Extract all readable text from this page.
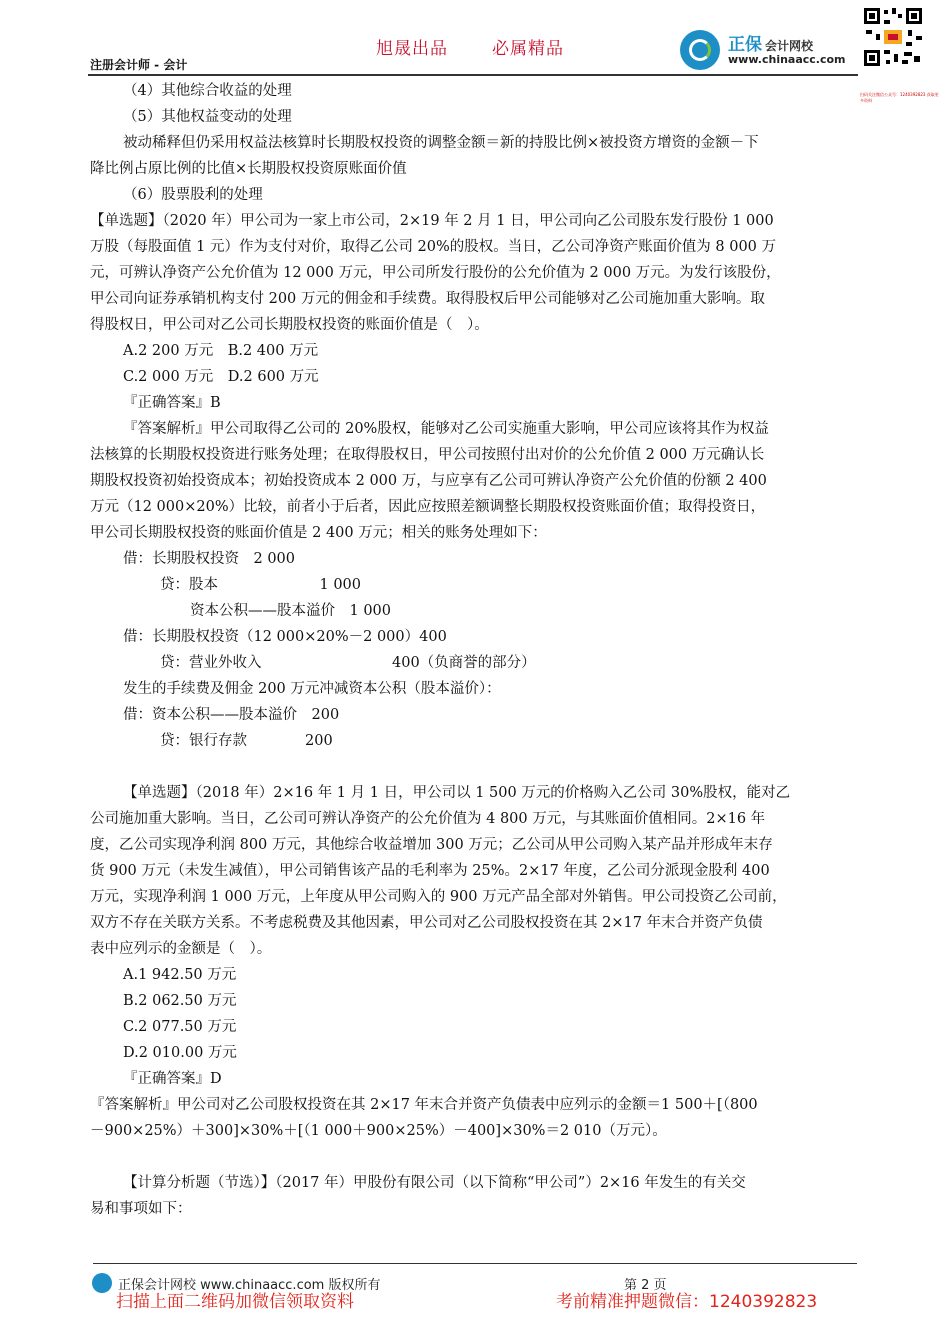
旭晟出品	必属精品
注册会计师 - 会计
正保 会计网校
www.chinaacc.com
扫码关注微信公众号：1240392823 获取更多资料

（4）其他综合收益的处理

（5）其他权益变动的处理

被动稀释但仍采用权益法核算时长期股权投资的调整金额＝新的持股比例×被投资方增资的金额－下

降比例占原比例的比值×长期股权投资原账面价值

（6）股票股利的处理

【单选题】（2020 年）甲公司为一家上市公司，2×19 年 2 月 1 日，甲公司向乙公司股东发行股份 1 000

万股（每股面值 1 元）作为支付对价，取得乙公司 20%的股权。当日，乙公司净资产账面价值为 8 000 万

元，可辨认净资产公允价值为 12 000 万元，甲公司所发行股份的公允价值为 2 000 万元。为发行该股份，

甲公司向证券承销机构支付 200 万元的佣金和手续费。取得股权后甲公司能够对乙公司施加重大影响。取

得股权日，甲公司对乙公司长期股权投资的账面价值是（　）。

A.2 200 万元　B.2 400 万元

C.2 000 万元　D.2 600 万元

『正确答案』B

『答案解析』甲公司取得乙公司的 20%股权，能够对乙公司实施重大影响，甲公司应该将其作为权益

法核算的长期股权投资进行账务处理；在取得股权日，甲公司按照付出对价的公允价值 2 000 万元确认长

期股权投资初始投资成本；初始投资成本 2 000 万，与应享有乙公司可辨认净资产公允价值的份额 2 400

万元（12 000×20%）比较，前者小于后者，因此应按照差额调整长期股权投资账面价值；取得投资日，

甲公司长期股权投资的账面价值是 2 400 万元；相关的账务处理如下：

借：长期股权投资　2 000

贷：股本　　　　　　　1 000

资本公积——股本溢价　1 000

借：长期股权投资（12 000×20%－2 000）400

贷：营业外收入　　　　　　　　　400（负商誉的部分）

发生的手续费及佣金 200 万元冲减资本公积（股本溢价）：

借：资本公积——股本溢价　200

贷：银行存款　　　　200

【单选题】（2018 年）2×16 年 1 月 1 日，甲公司以 1 500 万元的价格购入乙公司 30%股权，能对乙

公司施加重大影响。当日，乙公司可辨认净资产的公允价值为 4 800 万元，与其账面价值相同。2×16 年

度，乙公司实现净利润 800 万元，其他综合收益增加 300 万元；乙公司从甲公司购入某产品并形成年末存

货 900 万元（未发生减值），甲公司销售该产品的毛利率为 25%。2×17 年度，乙公司分派现金股利 400

万元，实现净利润 1 000 万元，上年度从甲公司购入的 900 万元产品全部对外销售。甲公司投资乙公司前，

双方不存在关联方关系。不考虑税费及其他因素，甲公司对乙公司股权投资在其 2×17 年末合并资产负债

表中应列示的金额是（　）。

A.1 942.50 万元

B.2 062.50 万元

C.2 077.50 万元

D.2 010.00 万元

『正确答案』D

『答案解析』甲公司对乙公司股权投资在其 2×17 年末合并资产负债表中应列示的金额＝1 500＋[（800

－900×25%）＋300]×30%＋[（1 000＋900×25%）－400]×30%＝2 010（万元）。

【计算分析题（节选）】（2017 年）甲股份有限公司（以下简称“甲公司”）2×16 年发生的有关交

易和事项如下：

正保会计网校 www.chinaacc.com 版权所有	第 2 页
扫描上面二维码加微信领取资料	考前精准押题微信：1240392823
